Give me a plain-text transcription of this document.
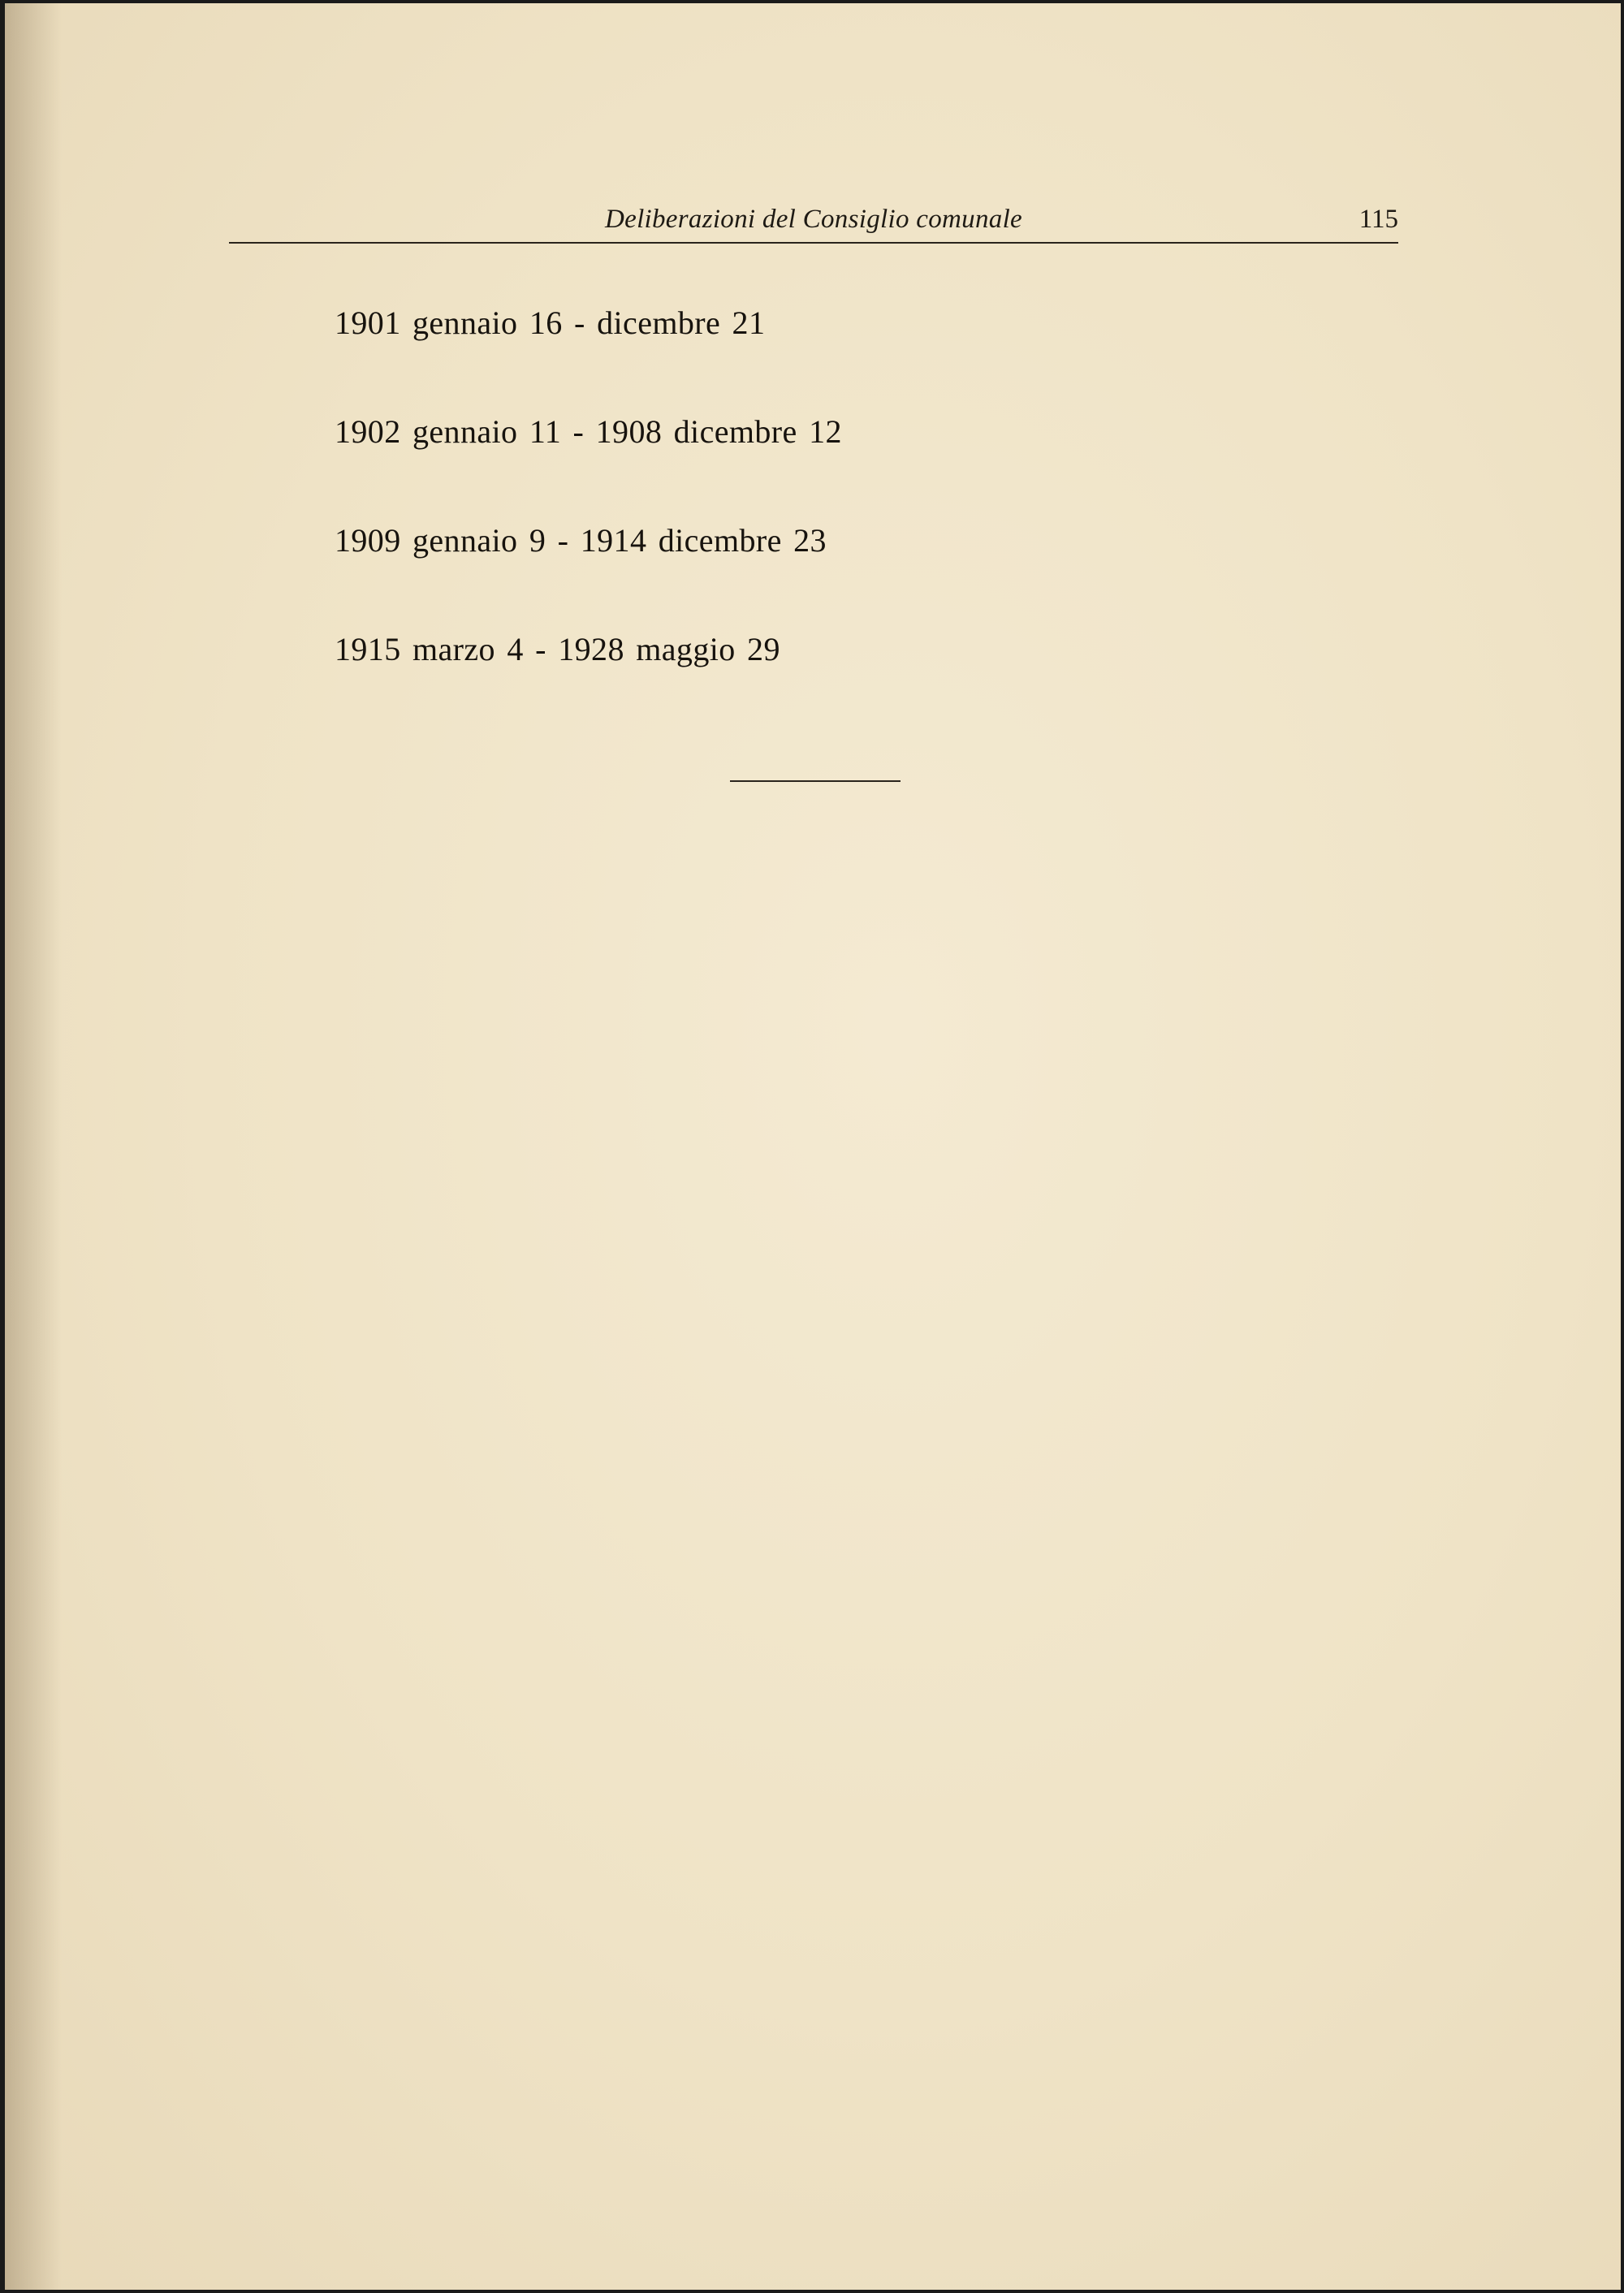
Deliberazioni del Consiglio comunale	115
1901 gennaio 16 - dicembre 21
1902 gennaio 11 - 1908 dicembre 12
1909 gennaio 9 - 1914 dicembre 23
1915 marzo 4 - 1928 maggio 29
